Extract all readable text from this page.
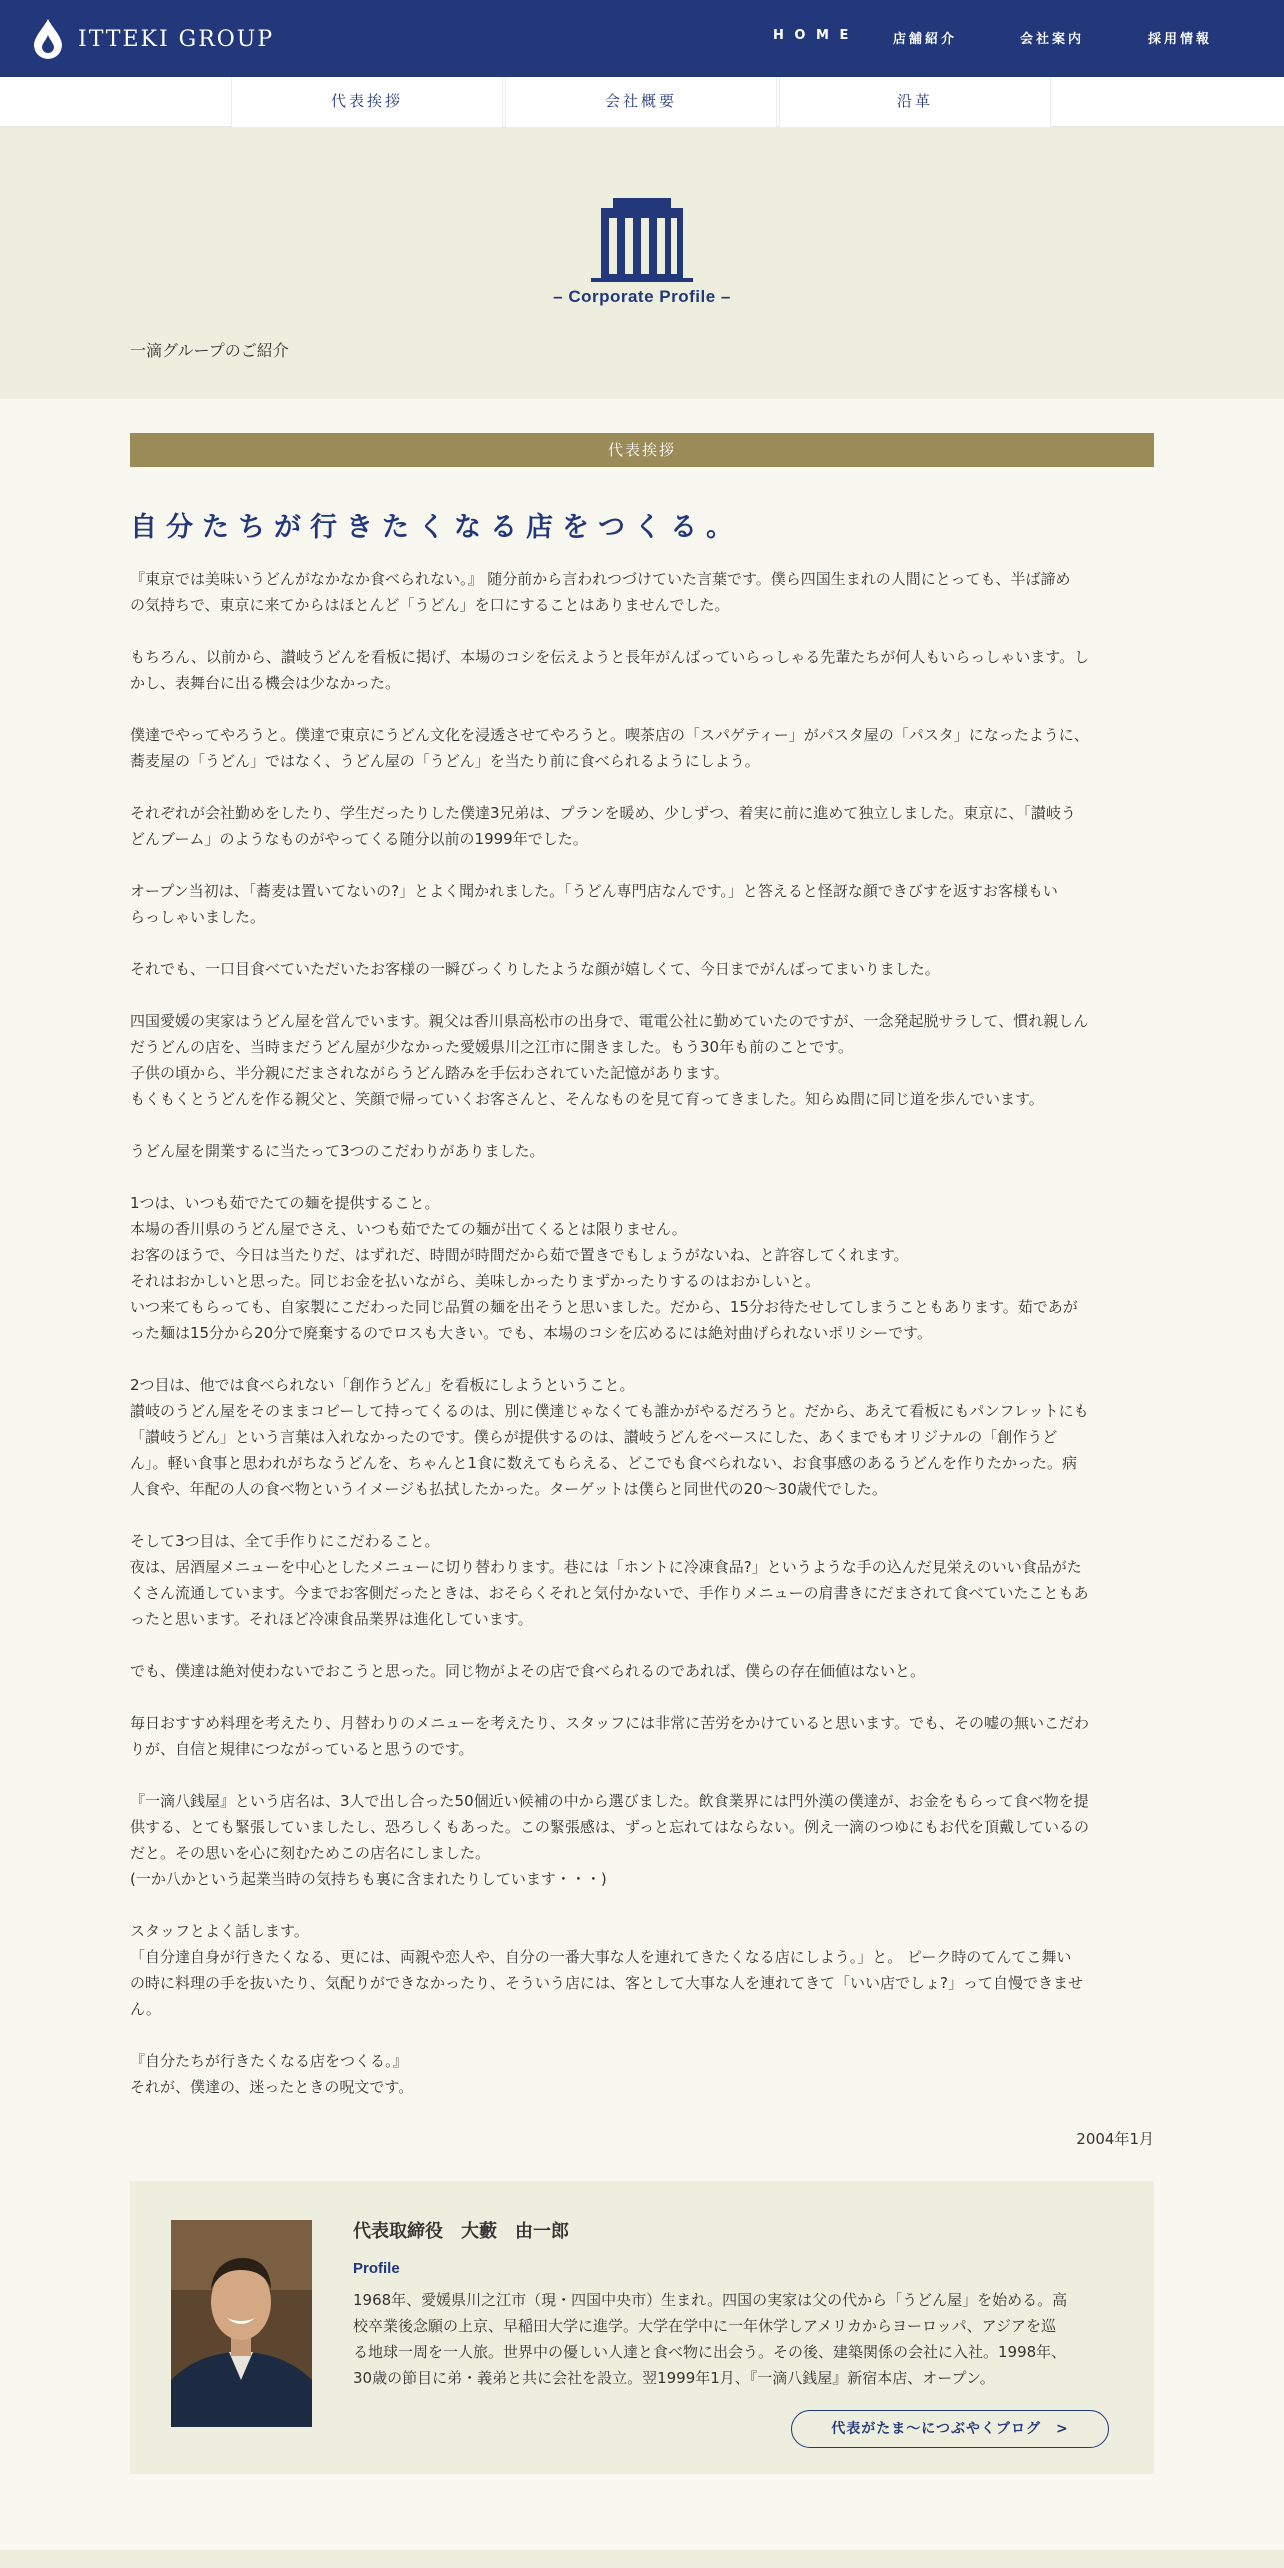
ITTEKI GROUP	H O M E	店舗紹介	会社案内	採用情報
代表挨拶	会社概要	沿革
– Corporate Profile –
一滴グループのご紹介
代表挨拶
自分たちが行きたくなる店をつくる。

『東京では美味いうどんがなかなか食べられない。』 随分前から言われつづけていた言葉です。僕ら四国生まれの人間にとっても、半ば諦め
の気持ちで、東京に来てからはほとんど「うどん」を口にすることはありませんでした。

もちろん、以前から、讃岐うどんを看板に掲げ、本場のコシを伝えようと長年がんばっていらっしゃる先輩たちが何人もいらっしゃいます。し
かし、表舞台に出る機会は少なかった。

僕達でやってやろうと。僕達で東京にうどん文化を浸透させてやろうと。喫茶店の「スパゲティー」がパスタ屋の「パスタ」になったように、
蕎麦屋の「うどん」ではなく、うどん屋の「うどん」を当たり前に食べられるようにしよう。

それぞれが会社勤めをしたり、学生だったりした僕達3兄弟は、プランを暖め、少しずつ、着実に前に進めて独立しました。東京に、「讃岐う
どんブーム」のようなものがやってくる随分以前の1999年でした。

オープン当初は、「蕎麦は置いてないの?」とよく聞かれました。「うどん専門店なんです。」と答えると怪訝な顔できびすを返すお客様もい
らっしゃいました。

それでも、一口目食べていただいたお客様の一瞬びっくりしたような顔が嬉しくて、今日までがんばってまいりました。

四国愛媛の実家はうどん屋を営んでいます。親父は香川県高松市の出身で、電電公社に勤めていたのですが、一念発起脱サラして、慣れ親しん
だうどんの店を、当時まだうどん屋が少なかった愛媛県川之江市に開きました。もう30年も前のことです。
子供の頃から、半分親にだまされながらうどん踏みを手伝わされていた記憶があります。
もくもくとうどんを作る親父と、笑顔で帰っていくお客さんと、そんなものを見て育ってきました。知らぬ間に同じ道を歩んでいます。

うどん屋を開業するに当たって3つのこだわりがありました。

1つは、いつも茹でたての麺を提供すること。
本場の香川県のうどん屋でさえ、いつも茹でたての麺が出てくるとは限りません。
お客のほうで、今日は当たりだ、はずれだ、時間が時間だから茹で置きでもしょうがないね、と許容してくれます。
それはおかしいと思った。同じお金を払いながら、美味しかったりまずかったりするのはおかしいと。
いつ来てもらっても、自家製にこだわった同じ品質の麺を出そうと思いました。だから、15分お待たせしてしまうこともあります。茹であが
った麺は15分から20分で廃棄するのでロスも大きい。でも、本場のコシを広めるには絶対曲げられないポリシーです。

2つ目は、他では食べられない「創作うどん」を看板にしようということ。
讃岐のうどん屋をそのままコピーして持ってくるのは、別に僕達じゃなくても誰かがやるだろうと。だから、あえて看板にもパンフレットにも
「讃岐うどん」という言葉は入れなかったのです。僕らが提供するのは、讃岐うどんをベースにした、あくまでもオリジナルの「創作うど
ん」。軽い食事と思われがちなうどんを、ちゃんと1食に数えてもらえる、どこでも食べられない、お食事感のあるうどんを作りたかった。病
人食や、年配の人の食べ物というイメージも払拭したかった。ターゲットは僕らと同世代の20～30歳代でした。

そして3つ目は、全て手作りにこだわること。
夜は、居酒屋メニューを中心としたメニューに切り替わります。巷には「ホントに冷凍食品?」というような手の込んだ見栄えのいい食品がた
くさん流通しています。今までお客側だったときは、おそらくそれと気付かないで、手作りメニューの肩書きにだまされて食べていたこともあ
ったと思います。それほど冷凍食品業界は進化しています。

でも、僕達は絶対使わないでおこうと思った。同じ物がよその店で食べられるのであれば、僕らの存在価値はないと。

毎日おすすめ料理を考えたり、月替わりのメニューを考えたり、スタッフには非常に苦労をかけていると思います。でも、その嘘の無いこだわ
りが、自信と規律につながっていると思うのです。

『一滴八銭屋』という店名は、3人で出し合った50個近い候補の中から選びました。飲食業界には門外漢の僕達が、お金をもらって食べ物を提
供する、とても緊張していましたし、恐ろしくもあった。この緊張感は、ずっと忘れてはならない。例え一滴のつゆにもお代を頂戴しているの
だと。その思いを心に刻むためこの店名にしました。
(一か八かという起業当時の気持ちも裏に含まれたりしています・・・)

スタッフとよく話します。
「自分達自身が行きたくなる、更には、両親や恋人や、自分の一番大事な人を連れてきたくなる店にしよう。」と。 ピーク時のてんてこ舞い
の時に料理の手を抜いたり、気配りができなかったり、そういう店には、客として大事な人を連れてきて「いい店でしょ?」って自慢できませ
ん。

『自分たちが行きたくなる店をつくる。』
それが、僕達の、迷ったときの呪文です。

2004年1月
代表取締役　大藪　由一郎
Profile
1968年、愛媛県川之江市（現・四国中央市）生まれ。四国の実家は父の代から「うどん屋」を始める。高
校卒業後念願の上京、早稲田大学に進学。大学在学中に一年休学しアメリカからヨーロッパ、アジアを巡
る地球一周を一人旅。世界中の優しい人達と食べ物に出会う。その後、建築関係の会社に入社。1998年、
30歳の節目に弟・義弟と共に会社を設立。翌1999年1月、『一滴八銭屋』新宿本店、オープン。
代表がたま～につぶやくブログ　>
